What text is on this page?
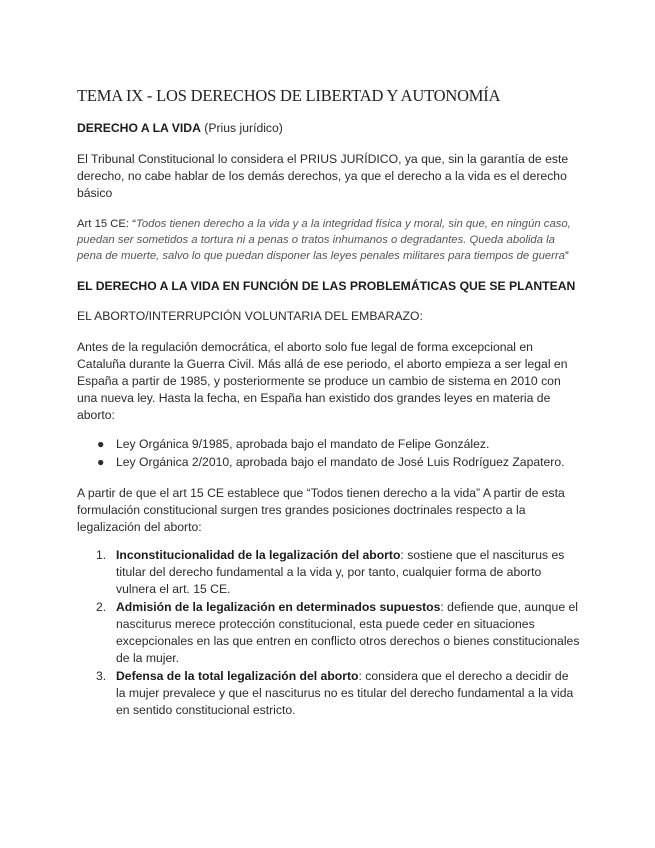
TEMA IX - LOS DERECHOS DE LIBERTAD Y AUTONOMÍA

DERECHO A LA VIDA (Prius jurídico)

El Tribunal Constitucional lo considera el PRIUS JURÍDICO, ya que, sin la garantía de este derecho, no cabe hablar de los demás derechos, ya que el derecho a la vida es el derecho básico

Art 15 CE: “Todos tienen derecho a la vida y a la integridad física y moral, sin que, en ningún caso, puedan ser sometidos a tortura ni a penas o tratos inhumanos o degradantes. Queda abolida la pena de muerte, salvo lo que puedan disponer las leyes penales militares para tiempos de guerra”

EL DERECHO A LA VIDA EN FUNCIÓN DE LAS PROBLEMÁTICAS QUE SE PLANTEAN

EL ABORTO/INTERRUPCIÓN VOLUNTARIA DEL EMBARAZO:

Antes de la regulación democrática, el aborto solo fue legal de forma excepcional en Cataluña durante la Guerra Civil. Más allá de ese periodo, el aborto empieza a ser legal en España a partir de 1985, y posteriormente se produce un cambio de sistema en 2010 con una nueva ley. Hasta la fecha, en España han existido dos grandes leyes en materia de aborto:

● Ley Orgánica 9/1985, aprobada bajo el mandato de Felipe González.
● Ley Orgánica 2/2010, aprobada bajo el mandato de José Luis Rodríguez Zapatero.

A partir de que el art 15 CE establece que “Todos tienen derecho a la vida” A partir de esta formulación constitucional surgen tres grandes posiciones doctrinales respecto a la legalización del aborto:

1. Inconstitucionalidad de la legalización del aborto: sostiene que el nasciturus es titular del derecho fundamental a la vida y, por tanto, cualquier forma de aborto vulnera el art. 15 CE.
2. Admisión de la legalización en determinados supuestos: defiende que, aunque el nasciturus merece protección constitucional, esta puede ceder en situaciones excepcionales en las que entren en conflicto otros derechos o bienes constitucionales de la mujer.
3. Defensa de la total legalización del aborto: considera que el derecho a decidir de la mujer prevalece y que el nasciturus no es titular del derecho fundamental a la vida en sentido constitucional estricto.
